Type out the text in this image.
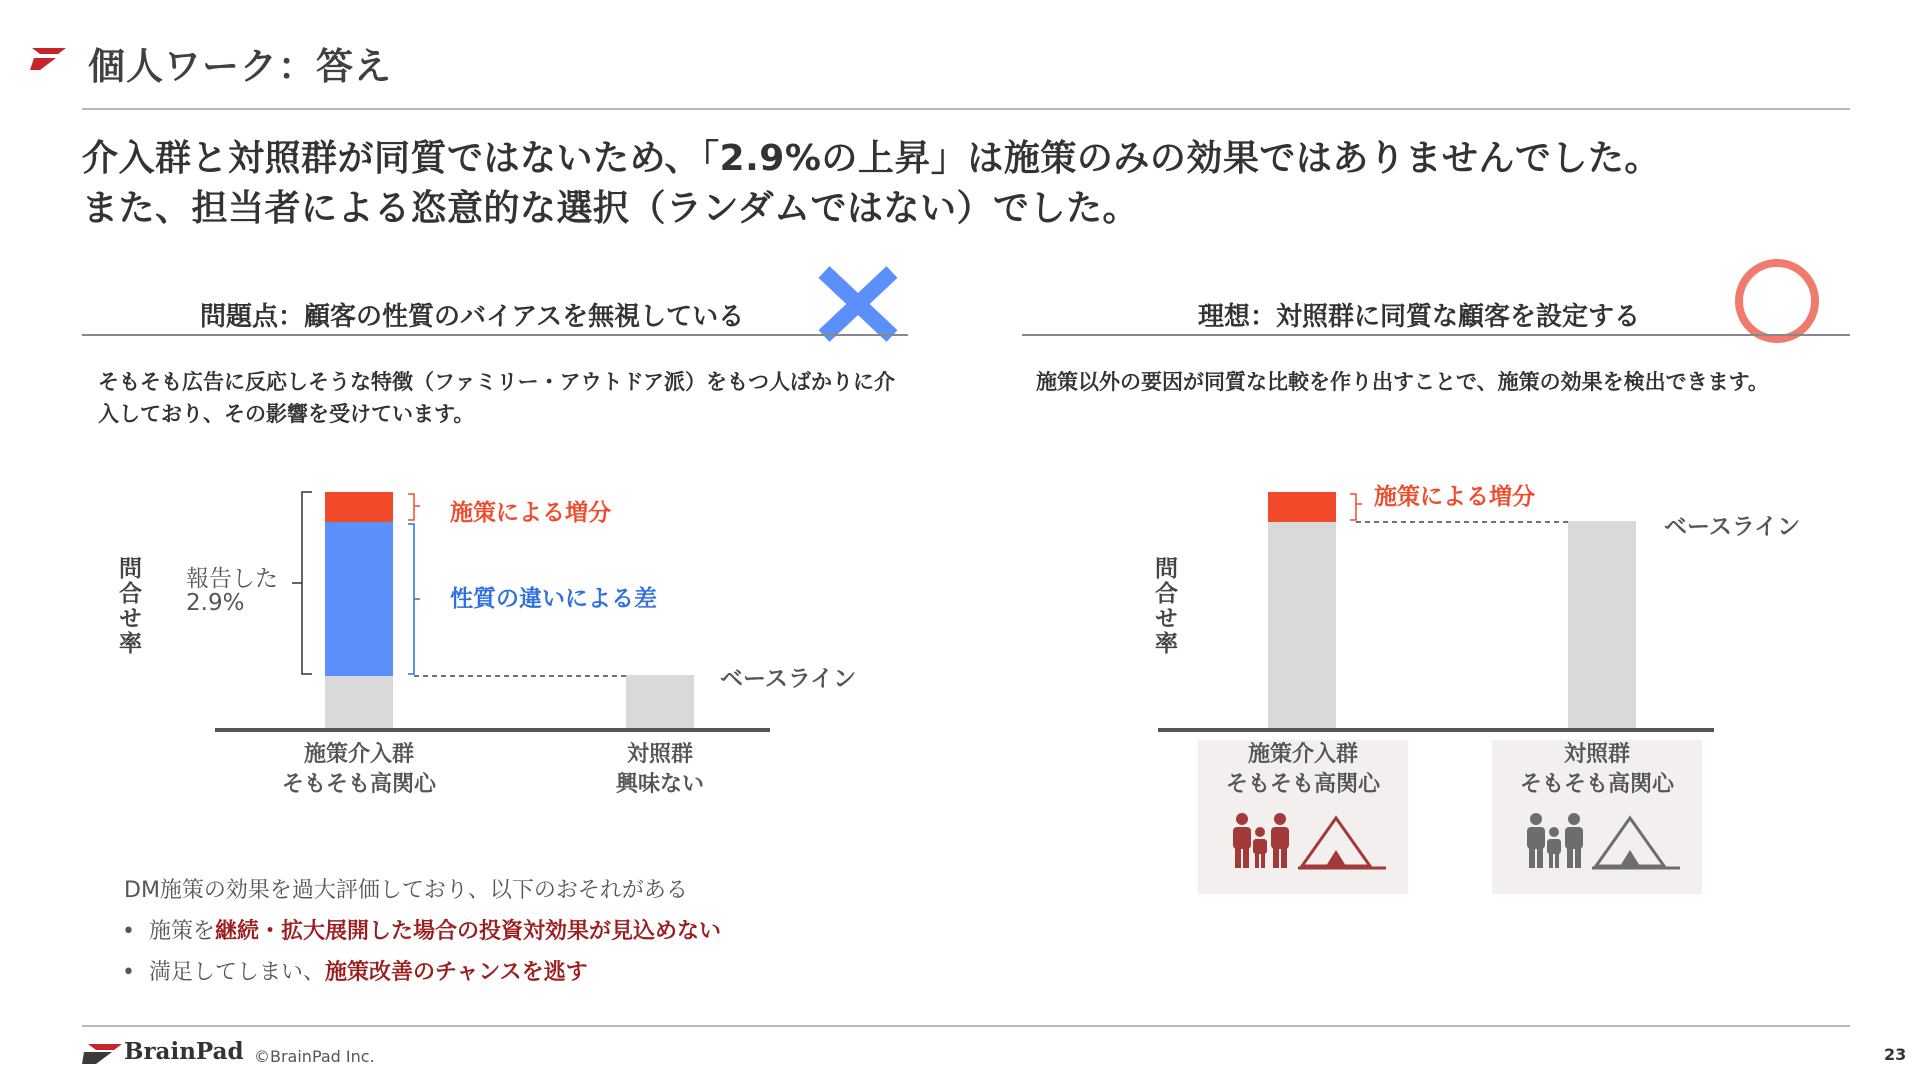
個人ワーク：答え
介入群と対照群が同質ではないため、「2.9%の上昇」は施策のみの効果ではありませんでした。
また、担当者による恣意的な選択（ランダムではない）でした。
問題点：顧客の性質のバイアスを無視している
そもそも広告に反応しそうな特徴（ファミリー・アウトドア派）をもつ人ばかりに介入しており、その影響を受けています。
問合せ率 報告した
2.9%
施策による増分
性質の違いによる差
ベースライン
施策介入群
そもそも高関心
対照群
興味ない
DM施策の効果を過大評価しており、以下のおそれがある
•  施策を継続・拡大展開した場合の投資対効果が見込めない
•  満足してしまい、施策改善のチャンスを逃す
理想：対照群に同質な顧客を設定する
施策以外の要因が同質な比較を作り出すことで、施策の効果を検出できます。
問合せ率
施策による増分
ベースライン
施策介入群
そもそも高関心
対照群
そもそも高関心
BrainPad ©BrainPad Inc.	23
